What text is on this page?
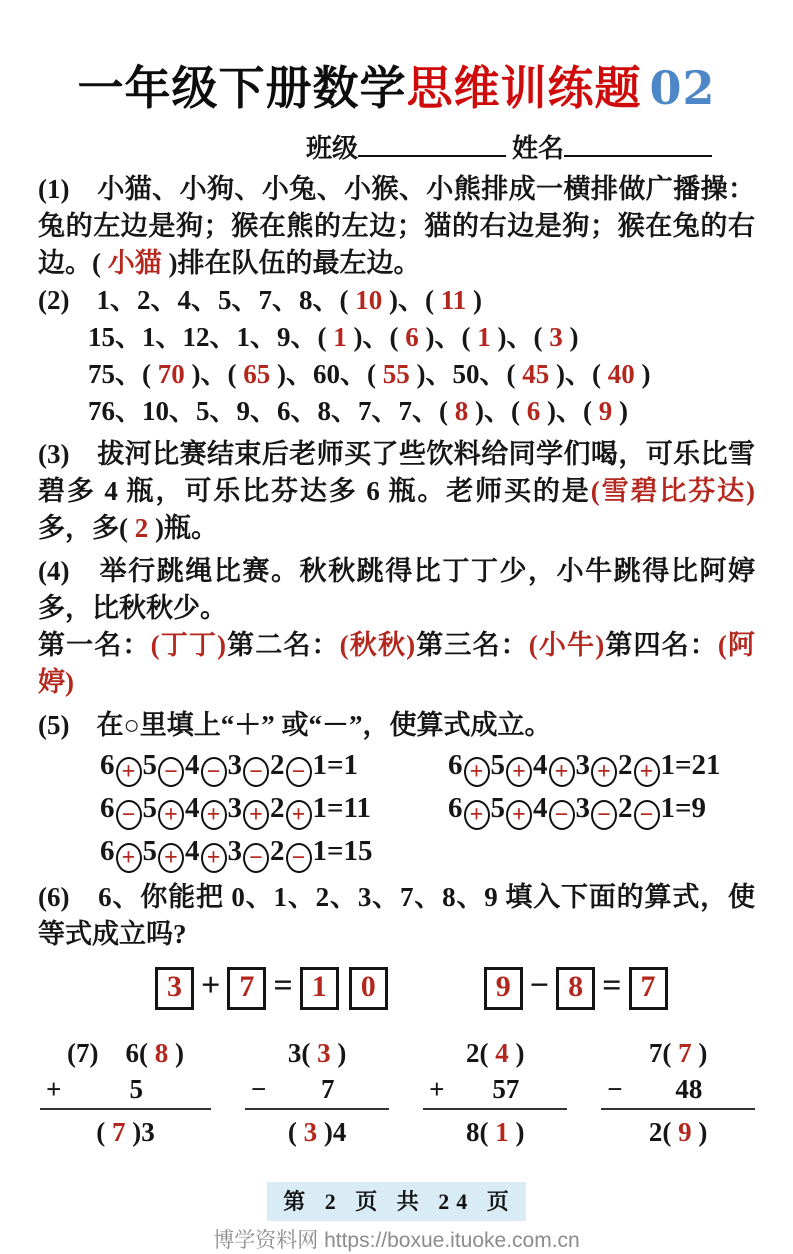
一年级下册数学思维训练题 02
班级	姓名
(1)　小猫、小狗、小兔、小猴、小熊排成一横排做广播操：兔的左边是狗；猴在熊的左边；猫的右边是狗；猴在兔的右边。( 小猫 )排在队伍的最左边。
(2)　1、2、4、5、7、8、( 10 )、( 11 )
15、1、12、1、9、( 1 )、( 6 )、( 1 )、( 3 )
75、( 70 )、( 65 )、60、( 55 )、50、( 45 )、( 40 )
76、10、5、9、6、8、7、7、( 8 )、( 6 )、( 9 )
(3)　拔河比赛结束后老师买了些饮料给同学们喝，可乐比雪碧多 4 瓶，可乐比芬达多 6 瓶。老师买的是(雪碧比芬达)多，多( 2 )瓶。
(4)　举行跳绳比赛。秋秋跳得比丁丁少，小牛跳得比阿婷多，比秋秋少。
第一名：(丁丁)第二名：(秋秋)第三名：(小牛)第四名：(阿婷)
(5)　在○里填上“＋” 或“－”，使算式成立。
6 + 5 − 4 − 3 − 2 − 1=1	6 + 5 + 4 + 3 + 2 + 1=21
6 − 5 + 4 + 3 + 2 + 1=11	6 + 5 + 4 − 3 − 2 − 1=9
6 + 5 + 4 + 3 − 2 − 1=15
(6)　6、你能把 0、1、2、3、7、8、9 填入下面的算式，使等式成立吗?
3 + 7 = 1 0	9 − 8 = 7
(7)　6( 8 )
+	5
( 7 )3
3( 3 )
−	7
( 3 )4
2( 4 )
+	57
8( 1 )
7( 7 )
−	48
2( 9 )
第 2 页 共 24 页
博学资料网 https://boxue.ituoke.com.cn
